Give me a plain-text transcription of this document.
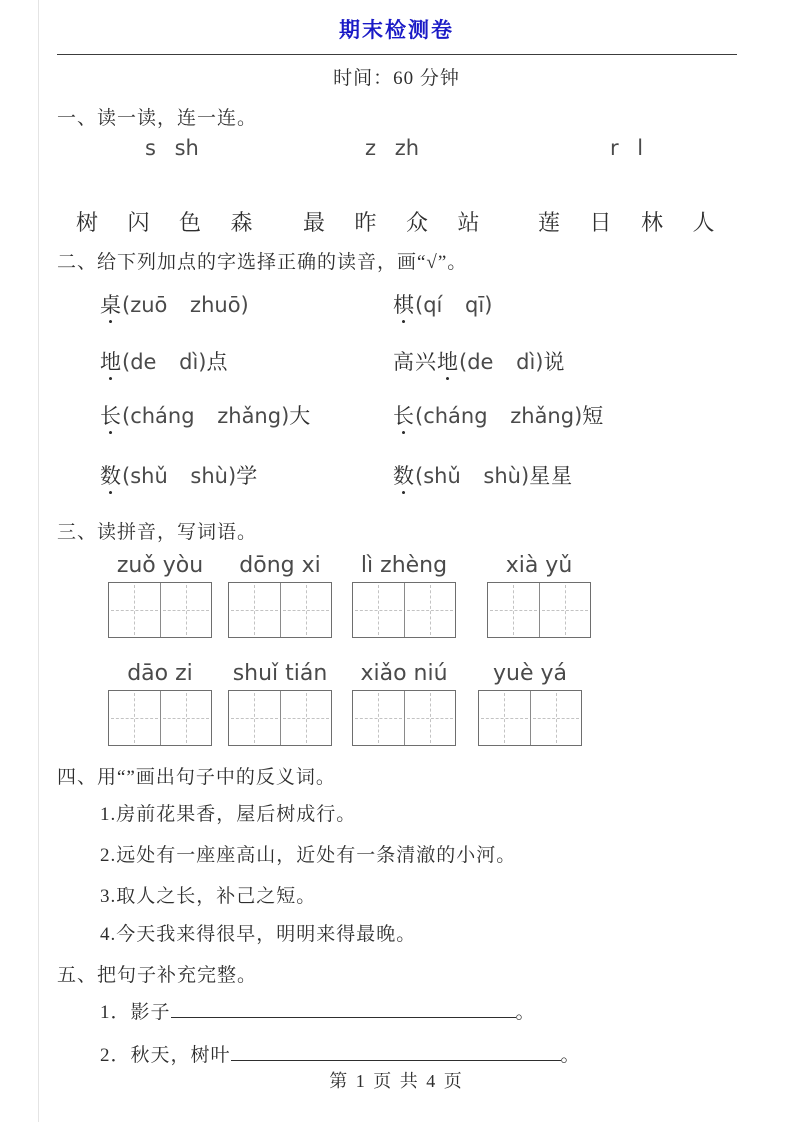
期末检测卷
时间：60 分钟
一、读一读，连一连。
s sh	z zh	r l
树 闪 色 森 最 昨 众 站	莲 日 林 人
二、给下列加点的字选择正确的读音，画“√”。
桌(zuō zhuō)	棋(qí qī)
地(de dì)点	高兴地(de dì)说
长(cháng zhǎng)大	长(cháng zhǎng)短
数(shǔ shù)学	数(shǔ shù)星星
三、读拼音，写词语。
zuǒ yòu	dōng xi	lì zhèng	xià yǔ
dāo zi	shuǐ tián	xiǎo niú	yuè yá
四、用“”画出句子中的反义词。
1.房前花果香，屋后树成行。
2.远处有一座座高山，近处有一条清澈的小河。
3.取人之长，补己之短。
4.今天我来得很早，明明来得最晚。
五、把句子补充完整。
1．影子	。
2．秋天，树叶	。
第 1 页 共 4 页
